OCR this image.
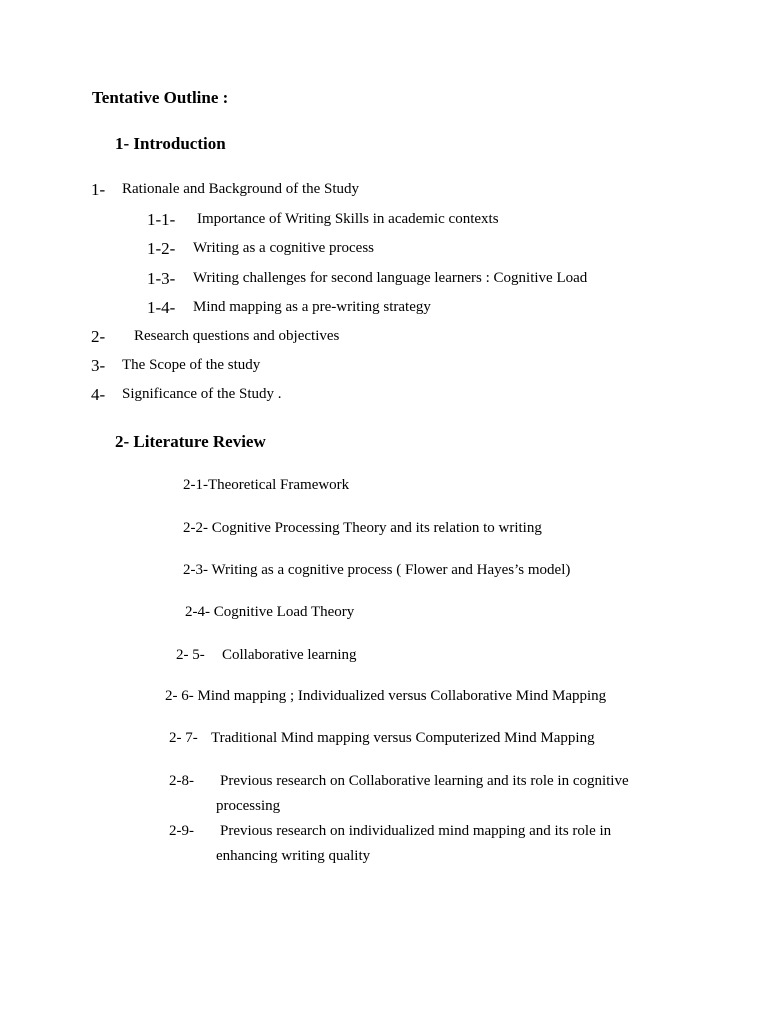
Tentative Outline :
1- Introduction
1- Rationale and Background of the Study
1-1- Importance of Writing Skills in academic contexts
1-2- Writing as a cognitive process
1-3- Writing challenges for second language learners : Cognitive Load
1-4- Mind mapping as a pre-writing strategy
2- Research questions and objectives
3- The Scope of the study
4- Significance of the Study .
2- Literature Review
2-1-Theoretical Framework
2-2- Cognitive Processing Theory and its relation to writing
2-3- Writing as a cognitive process ( Flower and Hayes’s model)
2-4- Cognitive Load Theory
2- 5- Collaborative learning
2- 6- Mind mapping ; Individualized versus Collaborative Mind Mapping
2- 7- Traditional Mind mapping versus Computerized Mind Mapping
2-8- Previous research on Collaborative learning and its role in cognitive
processing
2-9- Previous research on individualized mind mapping and its role in
enhancing writing quality
